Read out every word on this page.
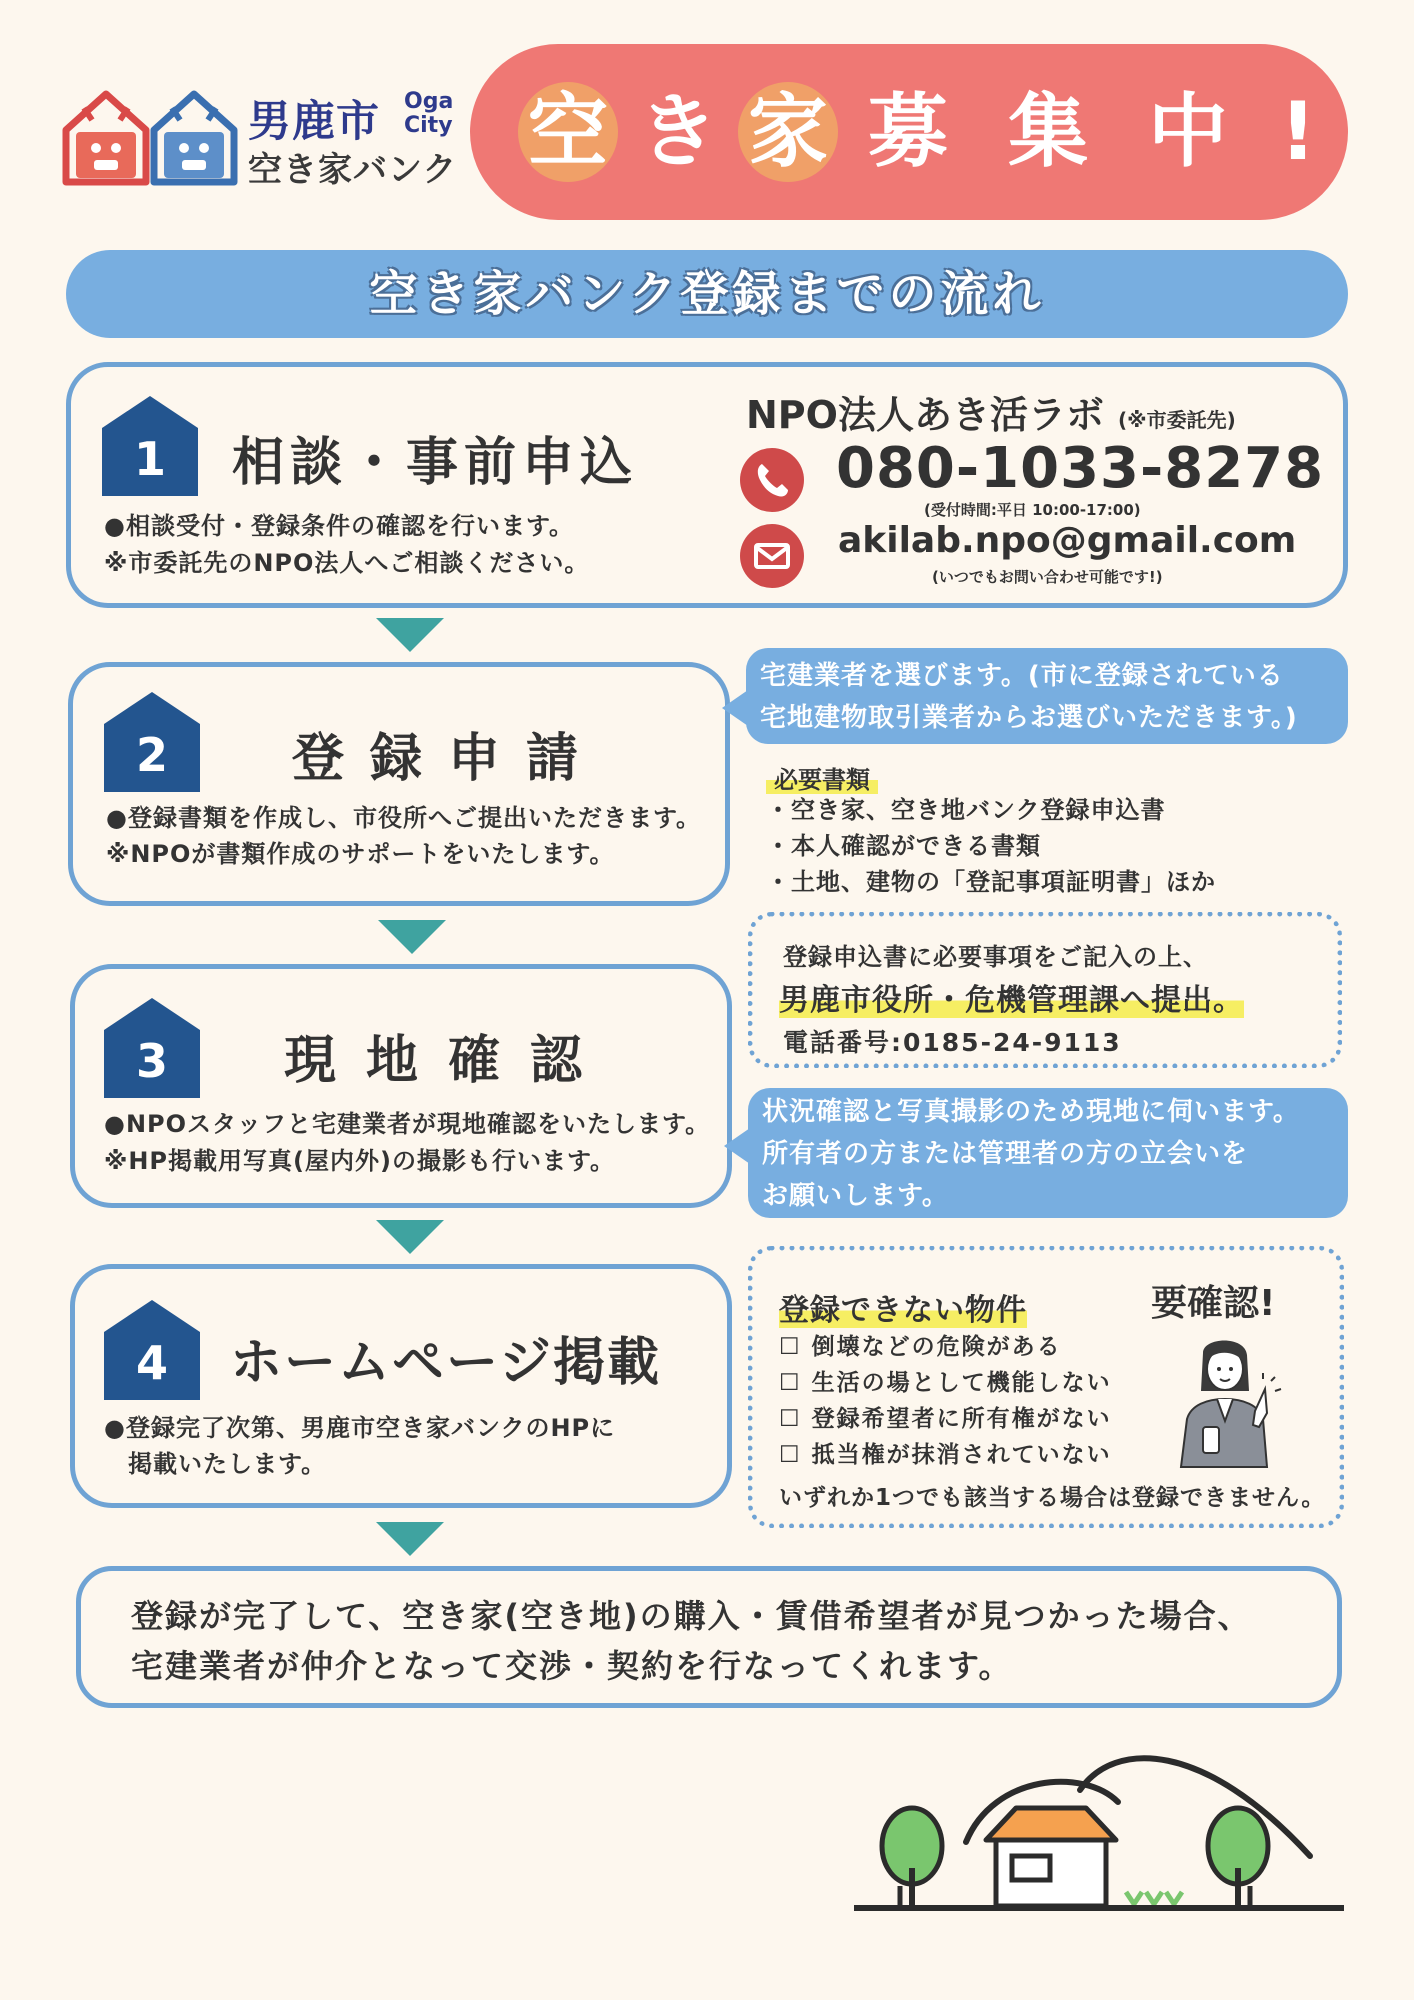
男鹿市 Oga City
空き家バンク 空 き 家 募 集 中 !
空き家バンク登録までの流れ
1	相談・事前申込
●相談受付・登録条件の確認を行います。
※市委託先のNPO法人へご相談ください。
NPO法人あき活ラボ (※市委託先)
080-1033-8278
(受付時間:平日 10:00-17:00)
akilab.npo@gmail.com
(いつでもお問い合わせ可能です!)
2	登録申請
●登録書類を作成し、市役所へご提出いただきます。
※NPOが書類作成のサポートをいたします。
宅建業者を選びます。(市に登録されている
宅地建物取引業者からお選びいただきます。)
必要書類
・空き家、空き地バンク登録申込書
・本人確認ができる書類
・土地、建物の「登記事項証明書」ほか
登録申込書に必要事項をご記入の上、
男鹿市役所・危機管理課へ提出。
電話番号:0185-24-9113
3	現地確認
●NPOスタッフと宅建業者が現地確認をいたします。
※HP掲載用写真(屋内外)の撮影も行います。
状況確認と写真撮影のため現地に伺います。
所有者の方または管理者の方の立会いを
お願いします。
4	ホームページ掲載
●登録完了次第、男鹿市空き家バンクのHPに
掲載いたします。
登録できない物件	要確認!
☐ 倒壊などの危険がある
☐ 生活の場として機能しない
☐ 登録希望者に所有権がない
☐ 抵当権が抹消されていない
いずれか1つでも該当する場合は登録できません。
登録が完了して、空き家(空き地)の購入・賃借希望者が見つかった場合、
宅建業者が仲介となって交渉・契約を行なってくれます。
